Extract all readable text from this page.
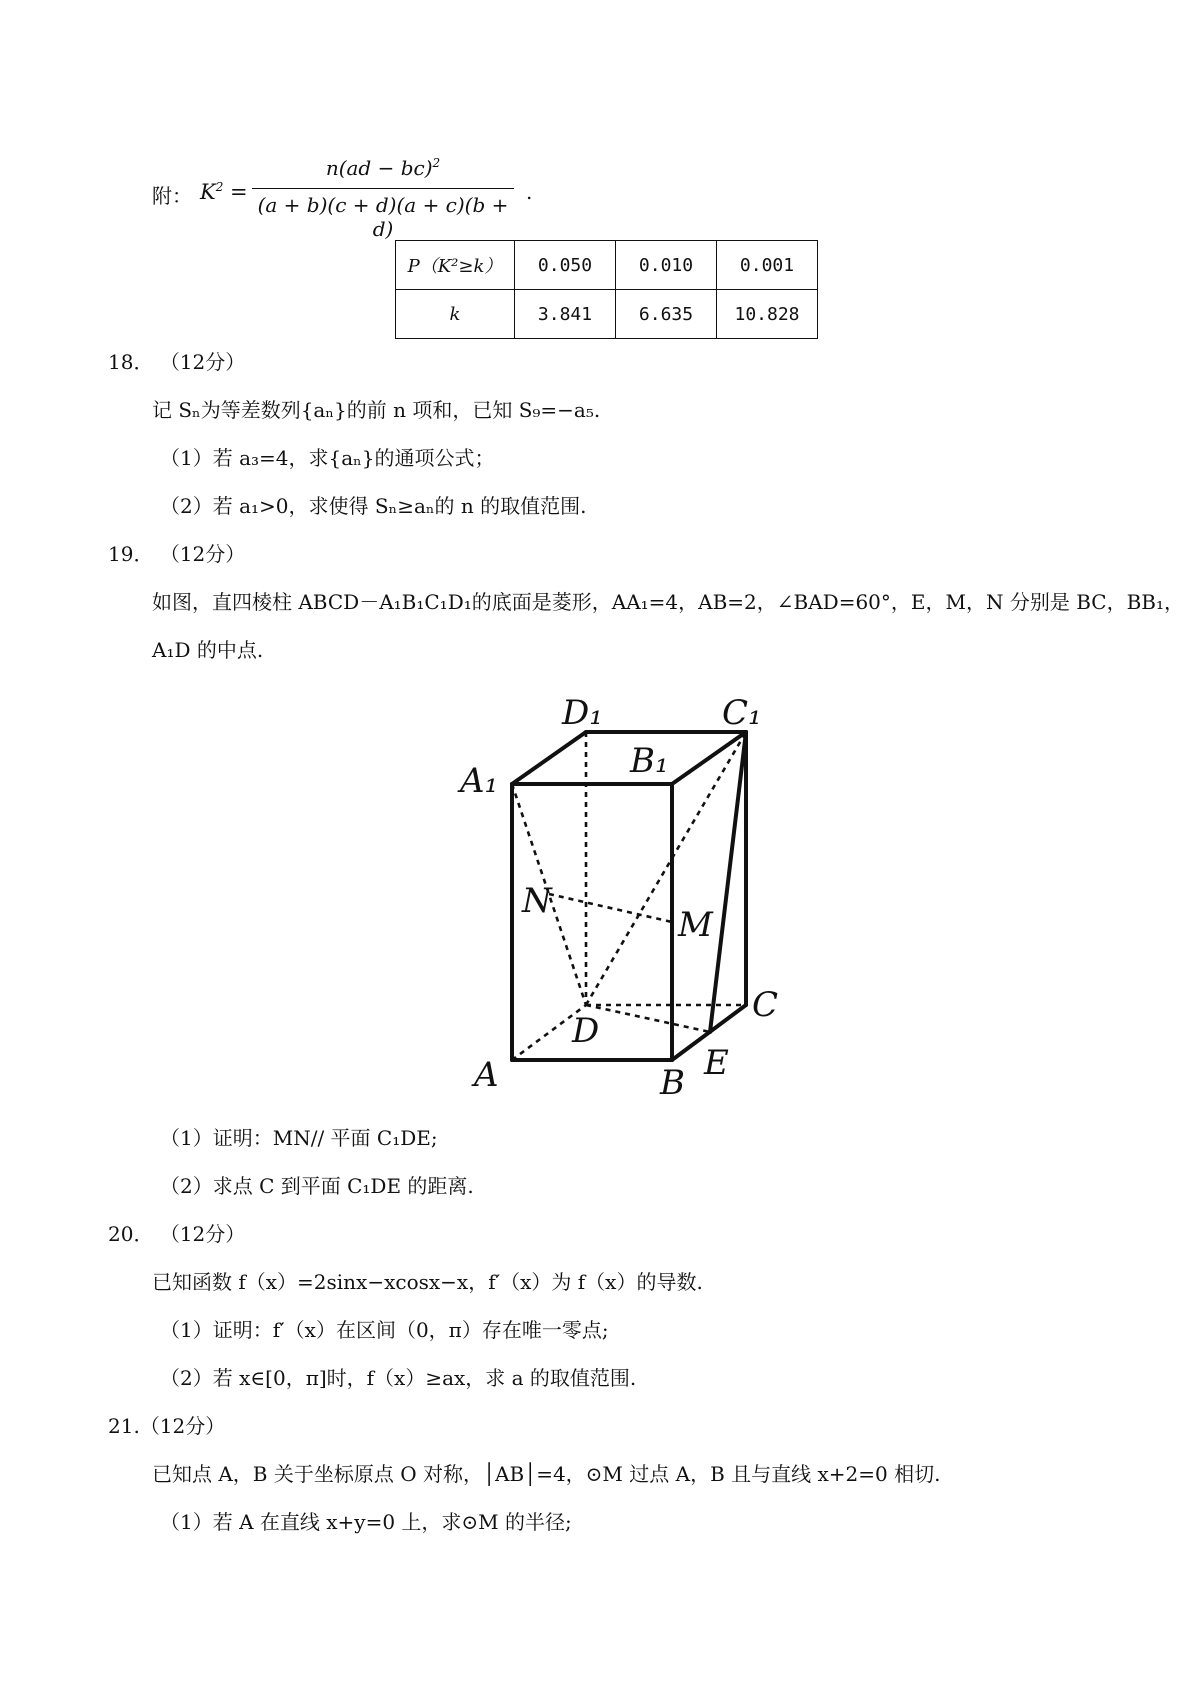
附： $K^2$ =
n(ad − bc)$^2$
(a + b)(c + d)(a + c)(b + d)
.
P（K²≥k）	0.050	0.010	0.001
k	3.841	6.635	10.828
18． （12分）
记 Sₙ为等差数列{aₙ}的前 n 项和，已知 S₉=−a₅.
（1）若 a₃=4，求{aₙ}的通项公式；
（2）若 a₁>0，求使得 Sₙ≥aₙ的 n 的取值范围.
19． （12分）
如图，直四棱柱 ABCD－A₁B₁C₁D₁的底面是菱形，AA₁=4，AB=2，∠BAD=60°，E，M，N 分别是 BC，BB₁，
A₁D 的中点.
D₁	C₁
A₁	B₁
N
M
D
C
A	B E
（1）证明：MN// 平面 C₁DE;
（2）求点 C 到平面 C₁DE 的距离.
20． （12分）
已知函数 f（x）=2sinx−xcosx−x，f′（x）为 f（x）的导数.
（1）证明：f′（x）在区间（0，π）存在唯一零点;
（2）若 x∈[0，π]时，f（x）≥ax，求 a 的取值范围.
21.（12分）
已知点 A，B 关于坐标原点 O 对称，│AB│=4，⊙M 过点 A，B 且与直线 x+2=0 相切.
（1）若 A 在直线 x+y=0 上，求⊙M 的半径;
